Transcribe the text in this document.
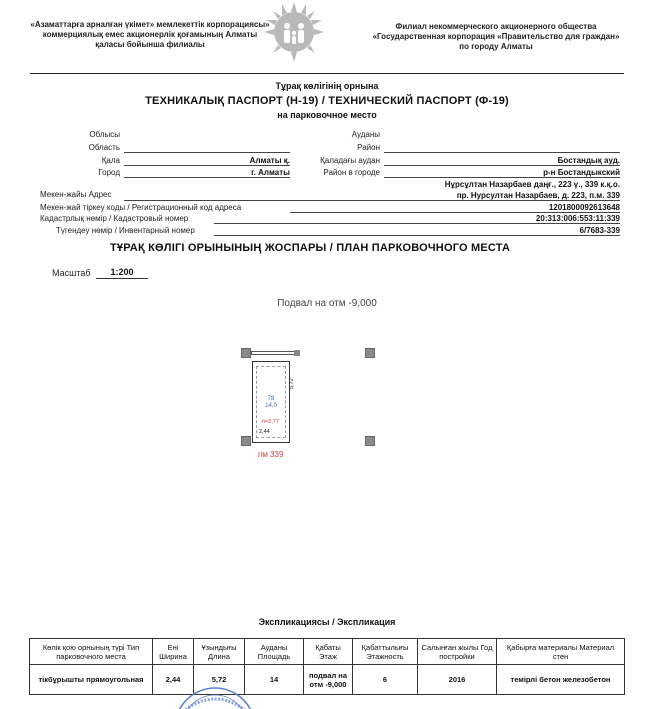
«Азаматтарға арналған үкімет» мемлекеттік корпорациясы» коммерциялық емес акционерлік қоғамының Алматы қаласы бойынша филиалы
Филиал некоммерческого акционерного общества «Государственная корпорация «Правительство для граждан» по городу Алматы
Тұрақ көлігінің орнына
ТЕХНИКАЛЫҚ ПАСПОРТ (Н-19) / ТЕХНИЧЕСКИЙ ПАСПОРТ (Ф-19)
на парковочное место
Облысы
Область
Қала	Алматы қ.
Город	г. Алматы
Ауданы
Район
Қаладағы аудан	Бостандық ауд.
Район в городе	р-н Бостандыкский
Мекен-жайы Адрес
Нұрсұлтан Назарбаев даңғ., 223 ү., 339 к.қ.о.
пр. Нурсултан Назарбаев, д. 223, п.м. 339
Мекен-жай тіркеу коды / Регистрационный код адреса	1201800092613648
Кадастрлық нөмір / Кадастровый номер	20:313:006:553:11:339
Түгендеу нөмір / Инвентарный номер	6/7683-339
ТҰРАҚ КӨЛІГІ ОРЫНЫНЫҢ ЖОСПАРЫ / ПЛАН ПАРКОВОЧНОГО МЕСТА
Масштаб	1:200
Подвал на отм -9,000
78
14,0
h=2,77
2,44
5,72
пм 339
Экспликациясы / Экспликация
Көлік қою орнының түрі Тип парковочного места	Ені Ширина	Ұзындығы Длина	Ауданы Площадь	Қабаты Этаж	Қабаттылығы Этажность	Салынған жылы Год постройки	Қабырға материалы Материал стен
тікбұрышты прямоугольная	2,44	5,72	14	подвал на отм -9,000	6	2016	темірлі бетон железобетон
